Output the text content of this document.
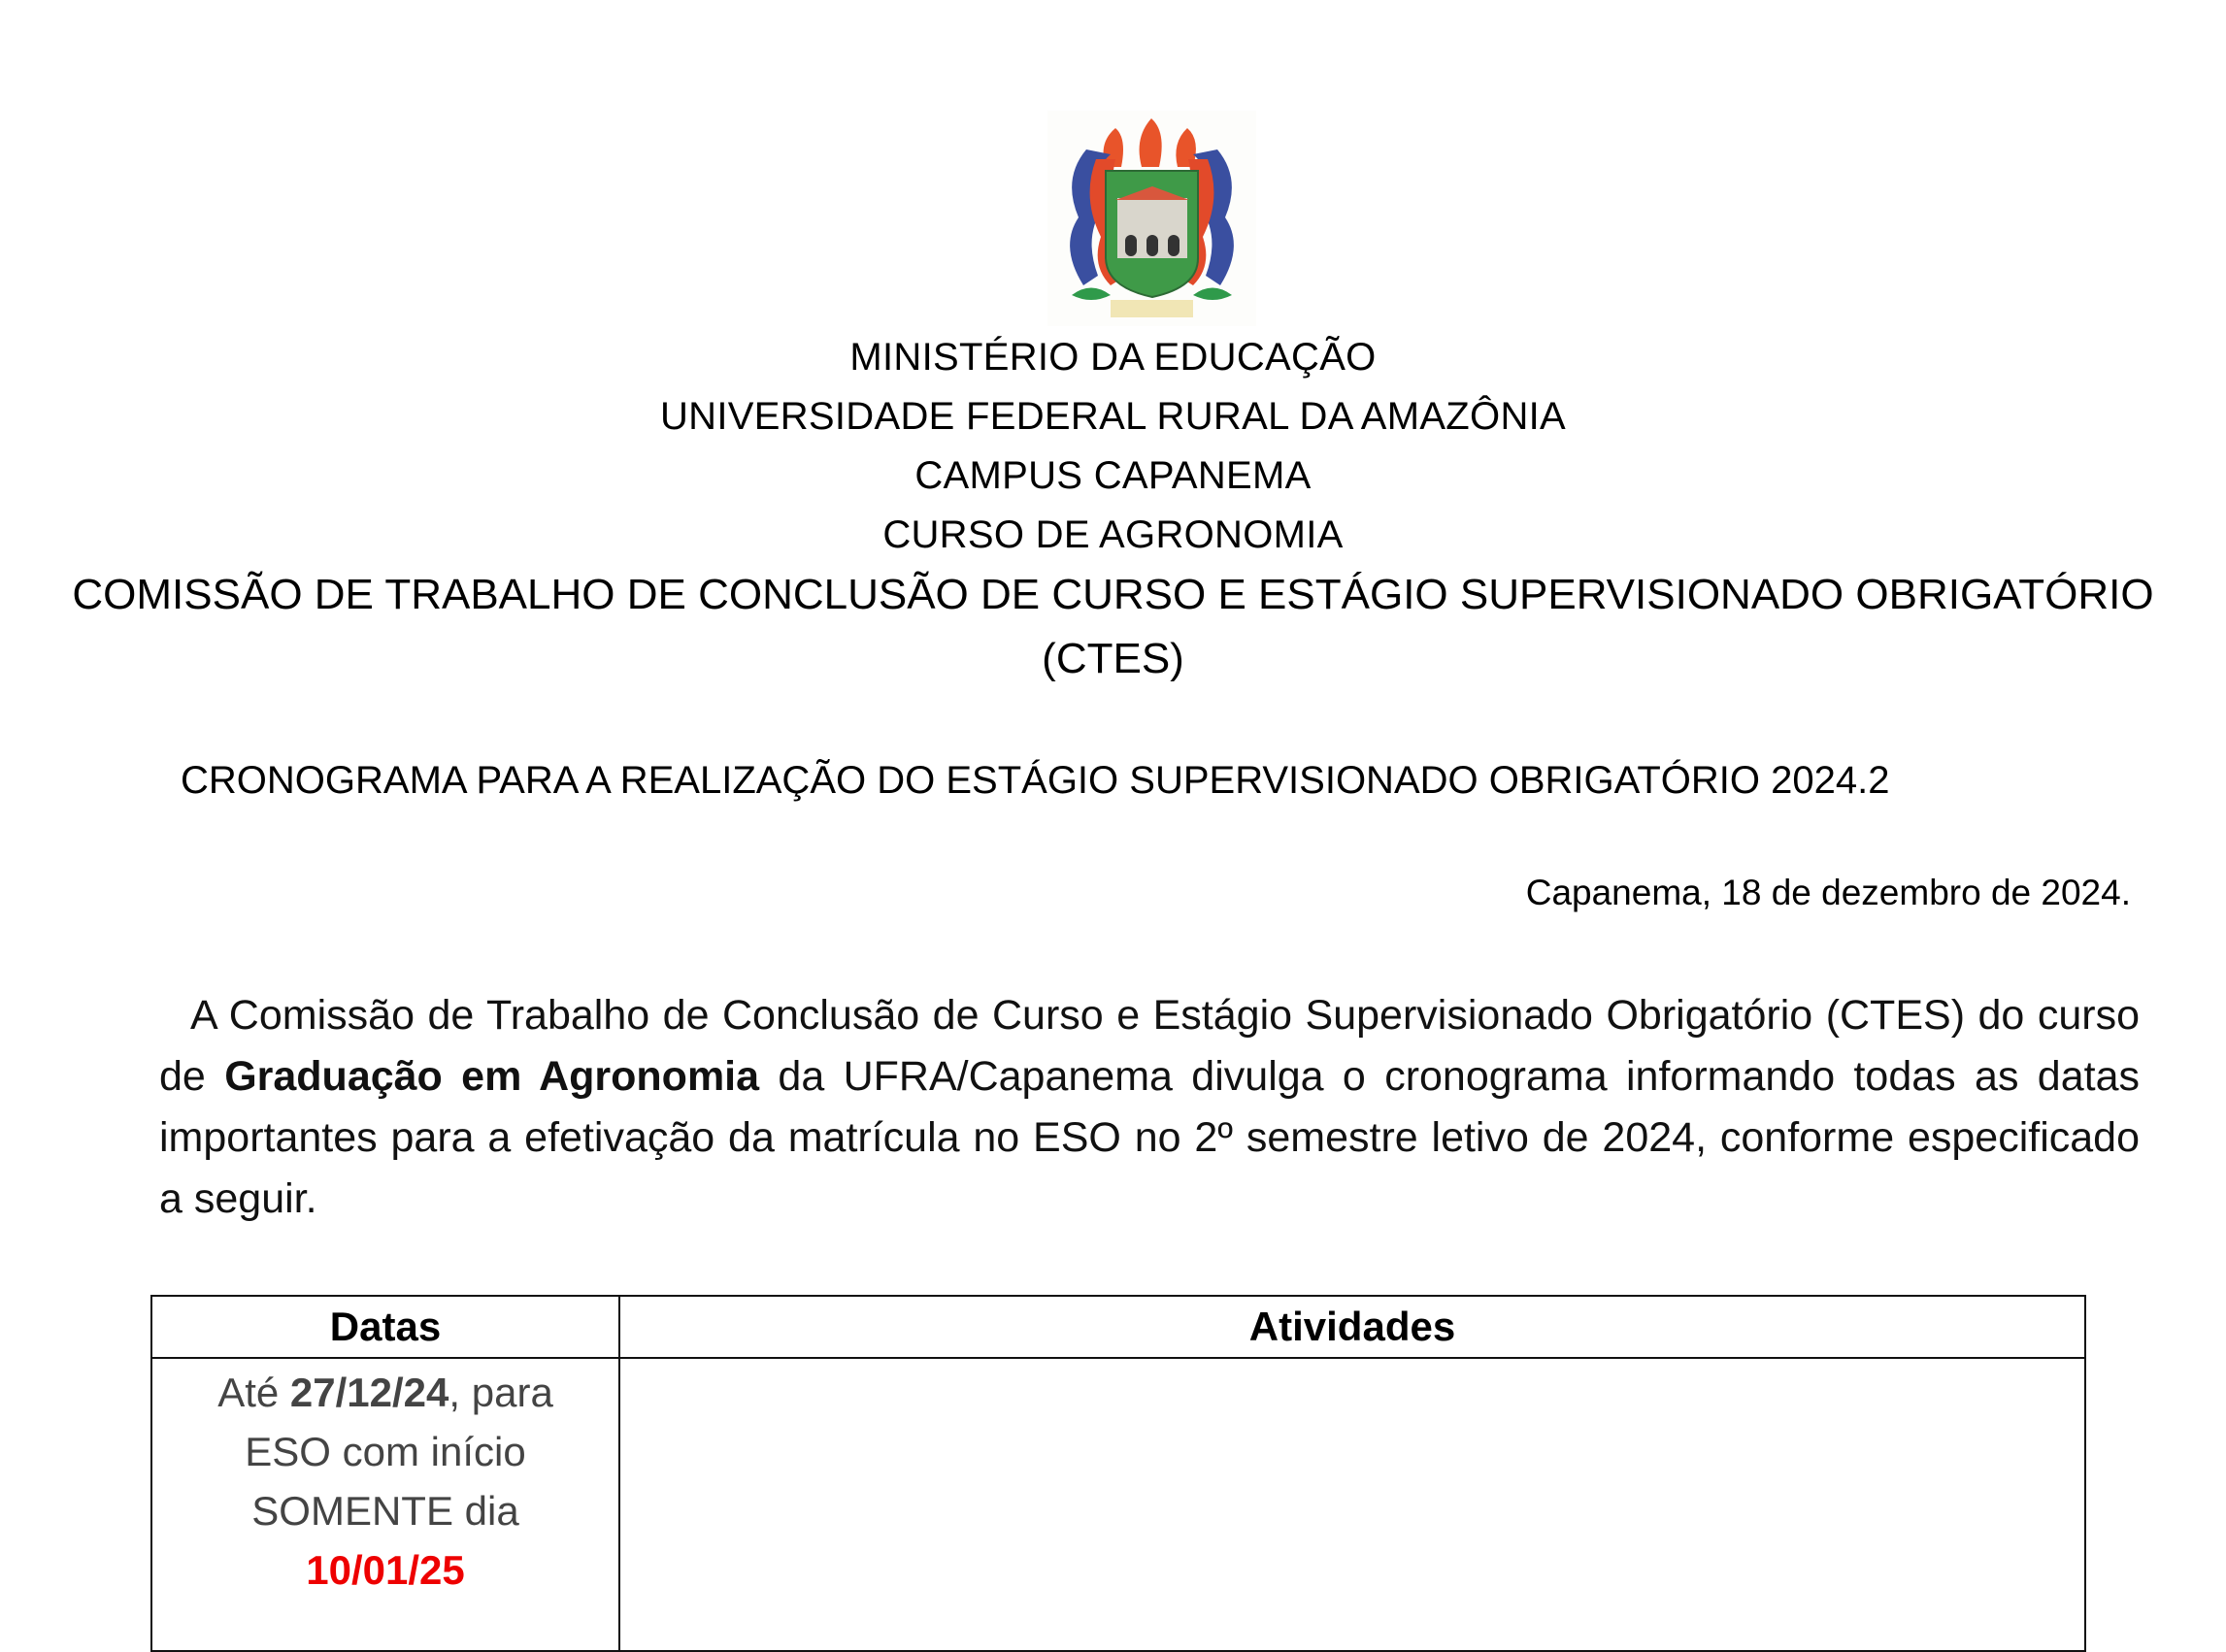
MINISTÉRIO DA EDUCAÇÃO
UNIVERSIDADE FEDERAL RURAL DA AMAZÔNIA
CAMPUS CAPANEMA
CURSO DE AGRONOMIA
COMISSÃO DE TRABALHO DE CONCLUSÃO DE CURSO E ESTÁGIO SUPERVISIONADO OBRIGATÓRIO
(CTES)
CRONOGRAMA PARA A REALIZAÇÃO DO ESTÁGIO SUPERVISIONADO OBRIGATÓRIO 2024.2
Capanema, 18 de dezembro de 2024.
A Comissão de Trabalho de Conclusão de Curso e Estágio Supervisionado Obrigatório (CTES) do curso de Graduação em Agronomia da UFRA/Capanema divulga o cronograma informando todas as datas importantes para a efetivação da matrícula no ESO no 2º semestre letivo de 2024, conforme especificado a seguir.
Datas	Atividades

Até 27/12/24, para
ESO com início
SOMENTE dia
10/01/25	
